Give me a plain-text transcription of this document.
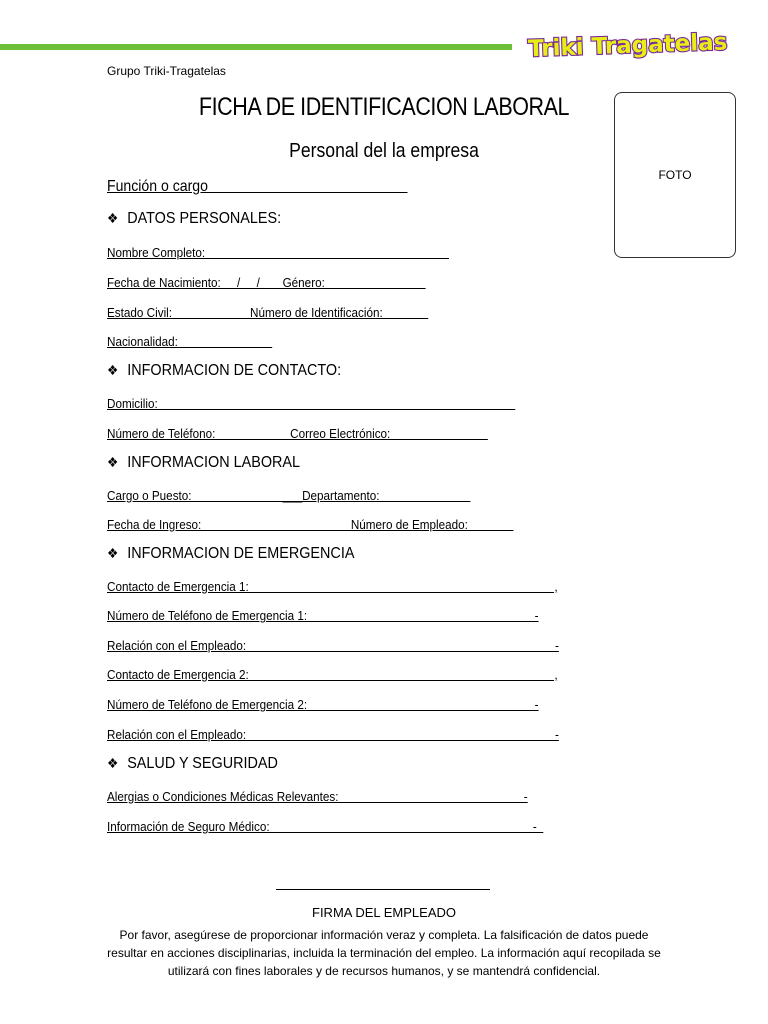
Triki Tragatelas
Grupo Triki-Tragatelas
FICHA DE IDENTIFICACION LABORAL
Personal del la empresa
FOTO
Función o cargo
❖ DATOS PERSONALES:
Nombre Completo:
Fecha de Nacimiento:     /     /       Género:
Estado Civil:                        Número de Identificación:
Nacionalidad:
❖ INFORMACION DE CONTACTO:
Domicilio:
Número de Teléfono:                       Correo Electrónico:
❖ INFORMACION LABORAL
Cargo o Puesto:                            ___Departamento:
Fecha de Ingreso:                                              Número de Empleado:
❖ INFORMACION DE EMERGENCIA
Contacto de Emergencia 1:                                                                                              ,
Número de Teléfono de Emergencia 1:                                                                      -
Relación con el Empleado:                                                                                               -
Contacto de Emergencia 2:                                                                                              ,
Número de Teléfono de Emergencia 2:                                                                      -
Relación con el Empleado:                                                                                               -
❖ SALUD Y SEGURIDAD
Alergias o Condiciones Médicas Relevantes:                                                         -
Información de Seguro Médico:                                                                                 -
FIRMA DEL EMPLEADO
Por favor, asegúrese de proporcionar información veraz y completa. La falsificación de datos puede resultar en acciones disciplinarias, incluida la terminación del empleo. La información aquí recopilada se utilizará con fines laborales y de recursos humanos, y se mantendrá confidencial.
